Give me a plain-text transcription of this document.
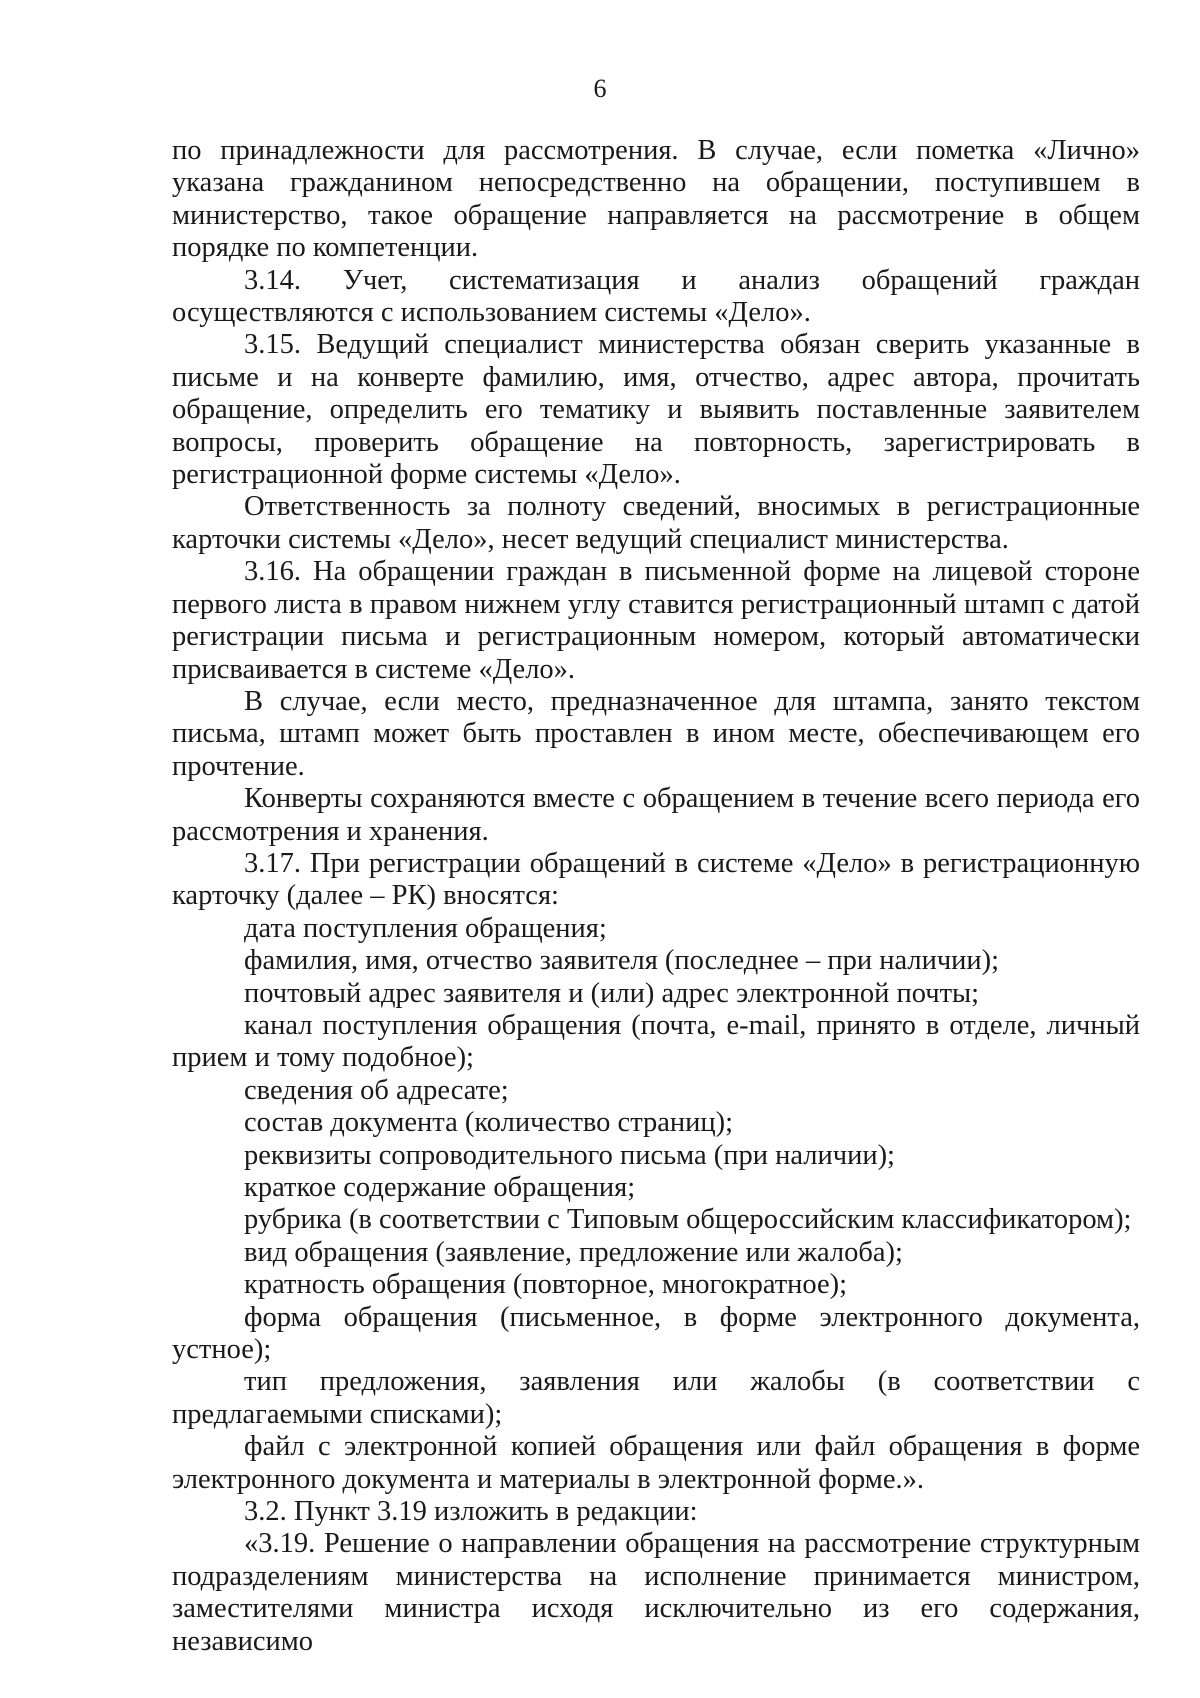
6

по принадлежности для рассмотрения. В случае, если пометка «Лично» указана гражданином непосредственно на обращении, поступившем в министерство, такое обращение направляется на рассмотрение в общем порядке по компетенции.

3.14. Учет, систематизация и анализ обращений граждан осуществляются с использованием системы «Дело».

3.15. Ведущий специалист министерства обязан сверить указанные в письме и на конверте фамилию, имя, отчество, адрес автора, прочитать обращение, определить его тематику и выявить поставленные заявителем вопросы, проверить обращение на повторность, зарегистрировать в регистрационной форме системы «Дело».

Ответственность за полноту сведений, вносимых в регистрационные карточки системы «Дело», несет ведущий специалист министерства.

3.16. На обращении граждан в письменной форме на лицевой стороне первого листа в правом нижнем углу ставится регистрационный штамп с датой регистрации письма и регистрационным номером, который автоматически присваивается в системе «Дело».

В случае, если место, предназначенное для штампа, занято текстом письма, штамп может быть проставлен в ином месте, обеспечивающем его прочтение.

Конверты сохраняются вместе с обращением в течение всего периода его рассмотрения и хранения.

3.17. При регистрации обращений в системе «Дело» в регистрационную карточку (далее – РК) вносятся:

дата поступления обращения;

фамилия, имя, отчество заявителя (последнее – при наличии);

почтовый адрес заявителя и (или) адрес электронной почты;

канал поступления обращения (почта, e-mail, принято в отделе, личный прием и тому подобное);

сведения об адресате;

состав документа (количество страниц);

реквизиты сопроводительного письма (при наличии);

краткое содержание обращения;

рубрика (в соответствии с Типовым общероссийским классификатором);

вид обращения (заявление, предложение или жалоба);

кратность обращения (повторное, многократное);

форма обращения (письменное, в форме электронного документа, устное);

тип предложения, заявления или жалобы (в соответствии с предлагаемыми списками);

файл с электронной копией обращения или файл обращения в форме электронного документа и материалы в электронной форме.».

3.2. Пункт 3.19 изложить в редакции:

«3.19. Решение о направлении обращения на рассмотрение структурным подразделениям министерства на исполнение принимается министром, заместителями министра исходя исключительно из его содержания, независимо
